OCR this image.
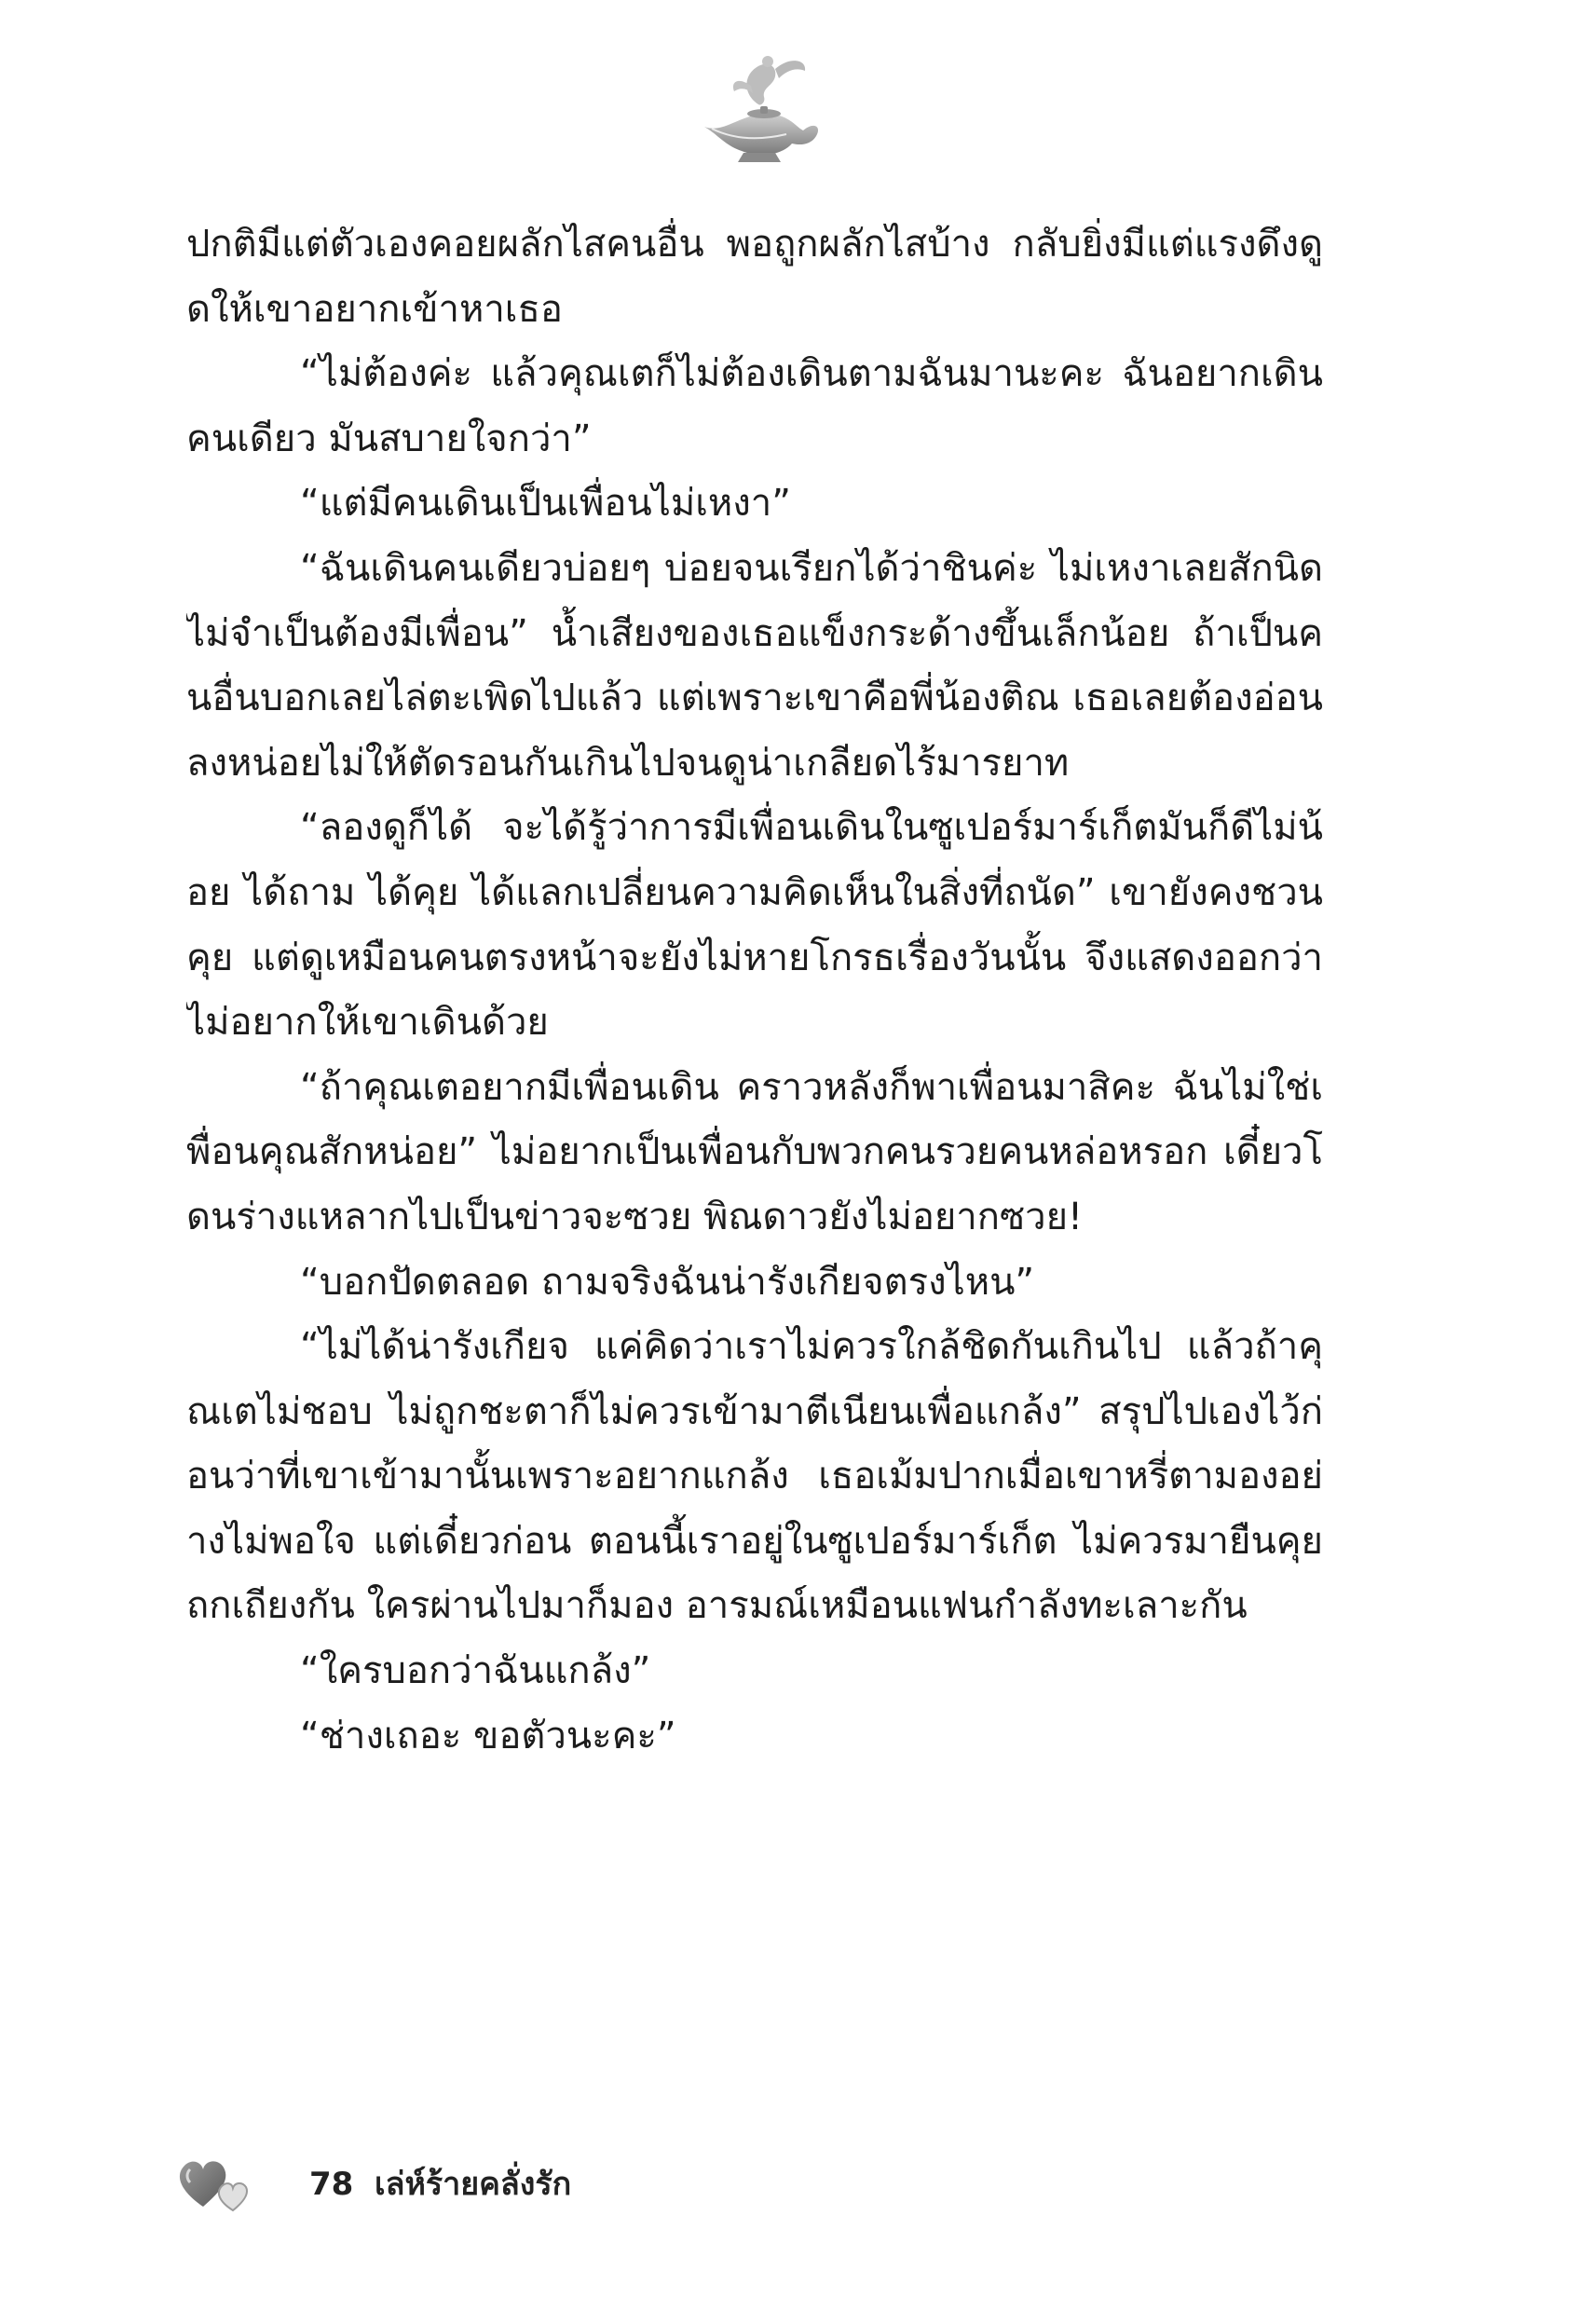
ปกติมีแต่ตัวเองคอยผลักไสคนอื่น พอถูกผลักไสบ้าง กลับยิ่งมีแต่แรงดึงดูดให้เขาอยากเข้าหาเธอ

“ไม่ต้องค่ะ แล้วคุณเตก็ไม่ต้องเดินตามฉันมานะคะ ฉันอยากเดินคนเดียว มันสบายใจกว่า”

“แต่มีคนเดินเป็นเพื่อนไม่เหงา”

“ฉันเดินคนเดียวบ่อยๆ บ่อยจนเรียกได้ว่าชินค่ะ ไม่เหงาเลยสักนิด ไม่จำเป็นต้องมีเพื่อน” น้ำเสียงของเธอแข็งกระด้างขึ้นเล็กน้อย ถ้าเป็นคนอื่นบอกเลยไล่ตะเพิดไปแล้ว แต่เพราะเขาคือพี่น้องติณ เธอเลยต้องอ่อนลงหน่อยไม่ให้ตัดรอนกันเกินไปจนดูน่าเกลียดไร้มารยาท

“ลองดูก็ได้ จะได้รู้ว่าการมีเพื่อนเดินในซูเปอร์มาร์เก็ตมันก็ดีไม่น้อย ได้ถาม ได้คุย ได้แลกเปลี่ยนความคิดเห็นในสิ่งที่ถนัด” เขายังคงชวนคุย แต่ดูเหมือนคนตรงหน้าจะยังไม่หายโกรธเรื่องวันนั้น จึงแสดงออกว่าไม่อยากให้เขาเดินด้วย

“ถ้าคุณเตอยากมีเพื่อนเดิน คราวหลังก็พาเพื่อนมาสิคะ ฉันไม่ใช่เพื่อนคุณสักหน่อย” ไม่อยากเป็นเพื่อนกับพวกคนรวยคนหล่อหรอก เดี๋ยวโดนร่างแหลากไปเป็นข่าวจะซวย พิณดาวยังไม่อยากซวย!

“บอกปัดตลอด ถามจริงฉันน่ารังเกียจตรงไหน”

“ไม่ได้น่ารังเกียจ แค่คิดว่าเราไม่ควรใกล้ชิดกันเกินไป แล้วถ้าคุณเตไม่ชอบ ไม่ถูกชะตาก็ไม่ควรเข้ามาตีเนียนเพื่อแกล้ง” สรุปไปเองไว้ก่อนว่าที่เขาเข้ามานั้นเพราะอยากแกล้ง เธอเม้มปากเมื่อเขาหรี่ตามองอย่างไม่พอใจ แต่เดี๋ยวก่อน ตอนนี้เราอยู่ในซูเปอร์มาร์เก็ต ไม่ควรมายืนคุยถกเถียงกัน ใครผ่านไปมาก็มอง อารมณ์เหมือนแฟนกำลังทะเลาะกัน

“ใครบอกว่าฉันแกล้ง”

“ช่างเถอะ ขอตัวนะคะ”

78 เล่ห์ร้ายคลั่งรัก
